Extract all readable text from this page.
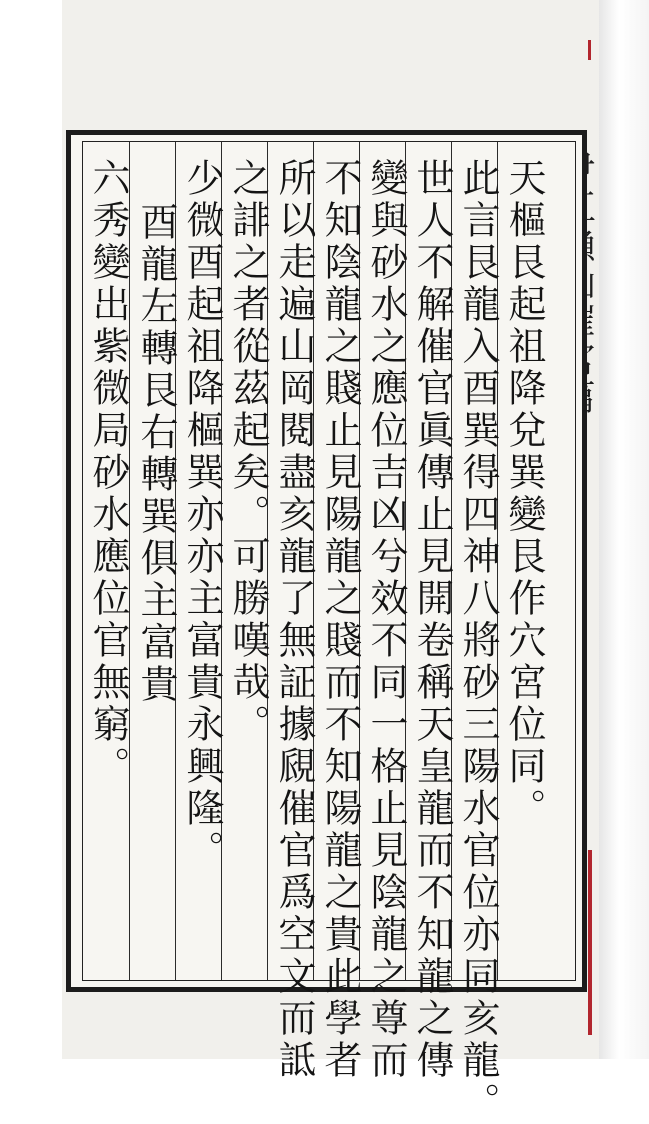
天樞艮起祖降兌巽變艮作穴宮位同。
此言艮龍入酉巽得四神八將砂三陽水官位亦同亥龍。
世人不解催官眞傳止見開卷稱天皇龍而不知龍之傳
變與砂水之應位吉凶兮效不同一格止見陰龍之尊而
不知陰龍之賤止見陽龍之賤而不知陽龍之貴此學者
所以走遍山岡閱盡亥龍了無証據覛催官爲空文而詆
之誹之者從茲起矣。可勝嘆哉。
少微酉起祖降樞巽亦亦主富貴永興隆。
酉龍左轉艮右轉巽俱主富貴
六秀變出紫微局砂水應位官無窮。
